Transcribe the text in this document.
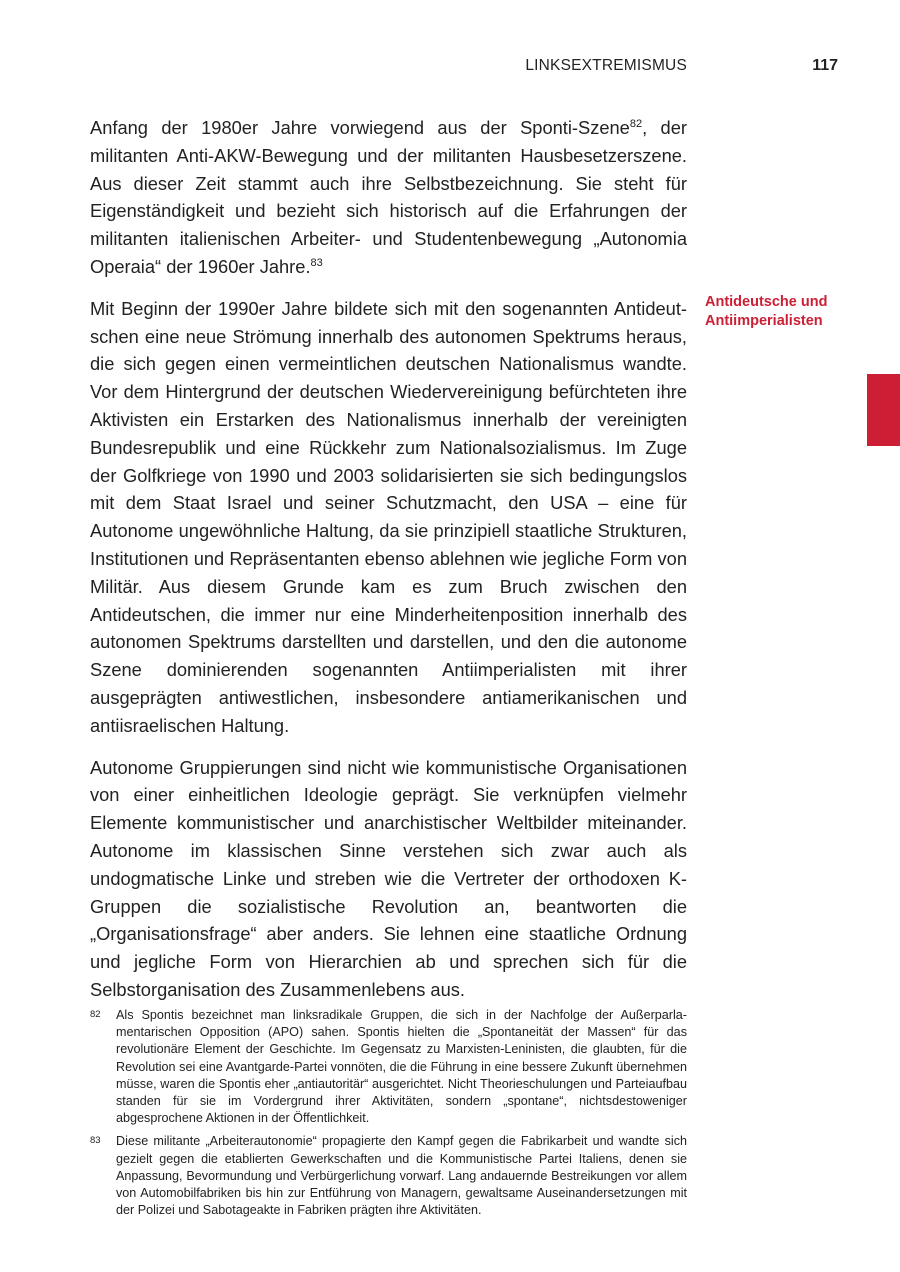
LINKSEXTREMISMUS	117
Antideutsche und
Antiimperialisten

Anfang der 1980er Jahre vorwiegend aus der Sponti-Szene$^{82}$, der militanten Anti-AKW-Bewegung und der militanten Hausbesetzerszene. Aus dieser Zeit stammt auch ihre Selbstbezeichnung. Sie steht für Eigenständigkeit und bezieht sich historisch auf die Erfahrungen der militanten italienischen Arbeiter- und Studentenbewegung „Autonomia Operaia“ der 1960er Jahre.$^{83}$

Mit Beginn der 1990er Jahre bildete sich mit den sogenannten Antideutschen eine neue Strömung innerhalb des autonomen Spektrums heraus, die sich gegen einen vermeintlichen deutschen Nationalismus wandte. Vor dem Hintergrund der deutschen Wiedervereinigung befürchteten ihre Aktivisten ein Erstarken des Nationalismus innerhalb der vereinigten Bundesrepublik und eine Rückkehr zum Nationalsozialismus. Im Zuge der Golfkriege von 1990 und 2003 solidarisierten sie sich bedingungslos mit dem Staat Israel und seiner Schutzmacht, den USA – eine für Autonome ungewöhnliche Haltung, da sie prinzipiell staatliche Strukturen, Institutionen und Repräsentanten ebenso ablehnen wie jegliche Form von Militär. Aus diesem Grunde kam es zum Bruch zwischen den Antideutschen, die immer nur eine Minderheitenposition innerhalb des autonomen Spektrums darstellten und darstellen, und den die autonome Szene dominierenden sogenannten Antiimperialisten mit ihrer ausgeprägten antiwestlichen, insbesondere antiamerikanischen und antiisraelischen Haltung.

Autonome Gruppierungen sind nicht wie kommunistische Organisationen von einer einheitlichen Ideologie geprägt. Sie verknüpfen vielmehr Elemente kommunistischer und anarchistischer Weltbilder miteinander. Autonome im klassischen Sinne verstehen sich zwar auch als undogmatische Linke und streben wie die Vertreter der orthodoxen K-Gruppen die sozialistische Revolution an, beantworten die „Organisationsfrage“ aber anders. Sie lehnen eine staatliche Ordnung und jegliche Form von Hierarchien ab und sprechen sich für die Selbstorganisation des Zusammenlebens aus.

82	Als Spontis bezeichnet man linksradikale Gruppen, die sich in der Nachfolge der Außerparlamentarischen Opposition (APO) sahen. Spontis hielten die „Spontaneität der Massen“ für das revolutionäre Element der Geschichte. Im Gegensatz zu Marxisten-Leninisten, die glaubten, für die Revolution sei eine Avantgarde-Partei vonnöten, die die Führung in eine bessere Zukunft übernehmen müsse, waren die Spontis eher „antiautoritär“ ausgerichtet. Nicht Theorieschulungen und Parteiaufbau standen für sie im Vordergrund ihrer Aktivitäten, sondern „spontane“, nichtsdestoweniger abgesprochene Aktionen in der Öffentlichkeit.
83	Diese militante „Arbeiterautonomie“ propagierte den Kampf gegen die Fabrikarbeit und wandte sich gezielt gegen die etablierten Gewerkschaften und die Kommunistische Partei Italiens, denen sie Anpassung, Bevormundung und Verbürgerlichung vorwarf. Lang andauernde Bestreikungen vor allem von Automobilfabriken bis hin zur Entführung von Managern, gewaltsame Auseinandersetzungen mit der Polizei und Sabotageakte in Fabriken prägten ihre Aktivitäten.
